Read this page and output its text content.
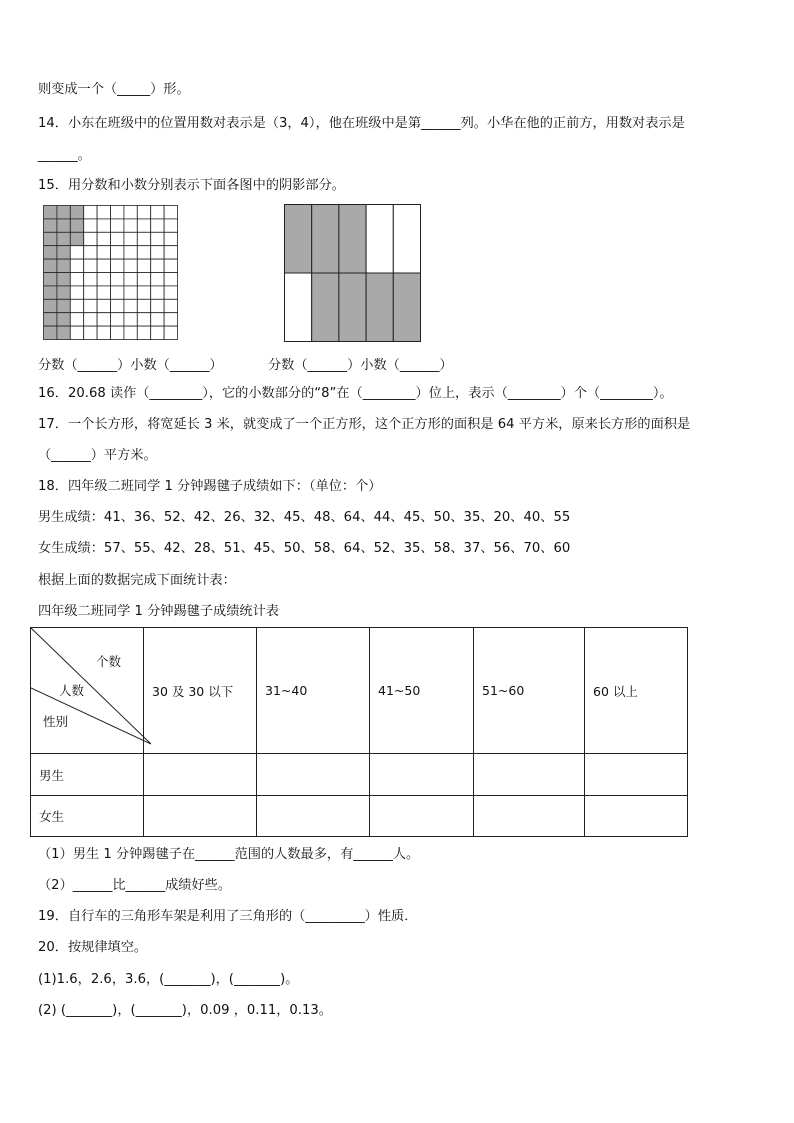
则变成一个（_____）形。
14．小东在班级中的位置用数对表示是（3，4），他在班级中是第______列。小华在他的正前方，用数对表示是
______。
15．用分数和小数分别表示下面各图中的阴影部分。
分数（______）小数（______）	分数（______）小数（______）
16．20.68 读作（________），它的小数部分的“8”在（________）位上，表示（________）个（________）。
17．一个长方形，将宽延长 3 米，就变成了一个正方形，这个正方形的面积是 64 平方米，原来长方形的面积是
（______）平方米。
18．四年级二班同学 1 分钟踢毽子成绩如下：（单位：个）
男生成绩：41、36、52、42、26、32、45、48、64、44、45、50、35、20、40、55
女生成绩：57、55、42、28、51、45、50、58、64、52、35、58、37、56、70、60
根据上面的数据完成下面统计表：
四年级二班同学 1 分钟踢毽子成绩统计表
个数
人数
性别	30 及 30 以下	31~40	41~50	51~60	60 以上
男生					
女生					
（1）男生 1 分钟踢毽子在______范围的人数最多，有______人。
（2）______比______成绩好些。
19．自行车的三角形车架是利用了三角形的（_________）性质．
20．按规律填空。
(1)1.6，2.6，3.6，(_______)，(_______)。
(2) (_______)，(_______)，0.09 ，0.11，0.13。
